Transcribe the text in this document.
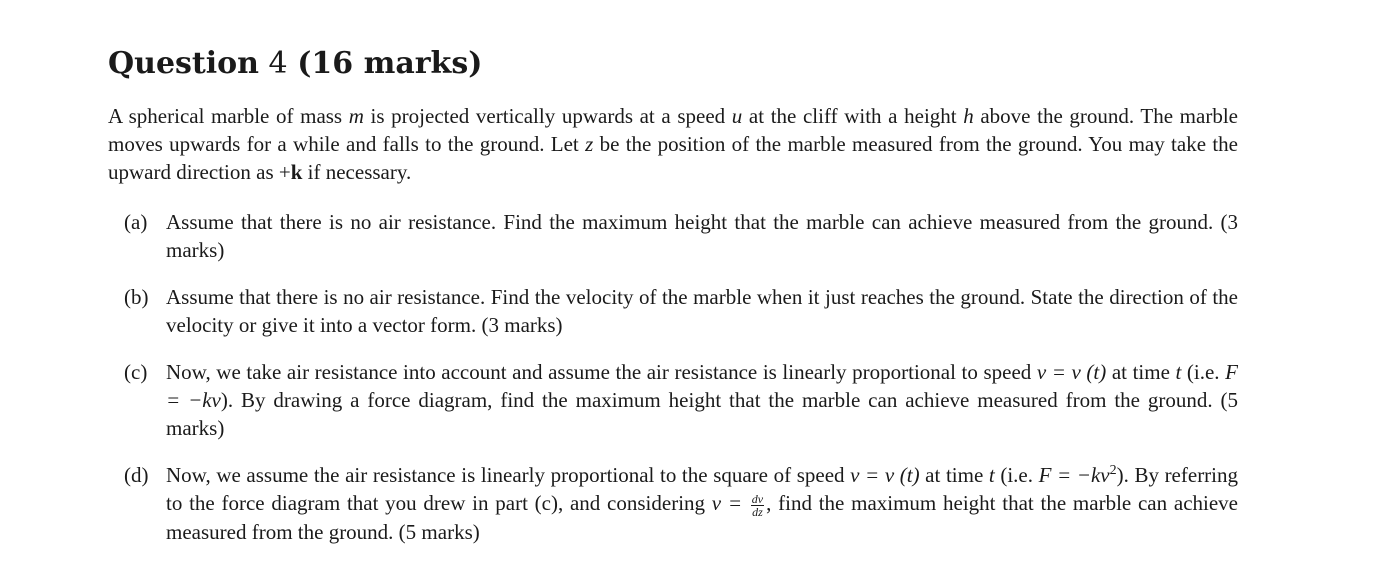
Question 4 (16 marks)

A spherical marble of mass m is projected vertically upwards at a speed u at the cliff with a height h above the ground. The marble moves upwards for a while and falls to the ground. Let z be the position of the marble measured from the ground. You may take the upward direction as +k if necessary.

(a) Assume that there is no air resistance. Find the maximum height that the marble can achieve measured from the ground. (3 marks)
(b) Assume that there is no air resistance. Find the velocity of the marble when it just reaches the ground. State the direction of the velocity or give it into a vector form. (3 marks)
(c) Now, we take air resistance into account and assume the air resistance is linearly proportional to speed v = v (t) at time t (i.e. F = −kv). By drawing a force diagram, find the maximum height that the marble can achieve measured from the ground. (5 marks)
(d) Now, we assume the air resistance is linearly proportional to the square of speed v = v (t) at time t (i.e. $F = -kv^2$). By referring to the force diagram that you drew in part (c), and considering $v = \frac{dv}{dz}$ , find the maximum height that the marble can achieve measured from the ground. (5 marks)
